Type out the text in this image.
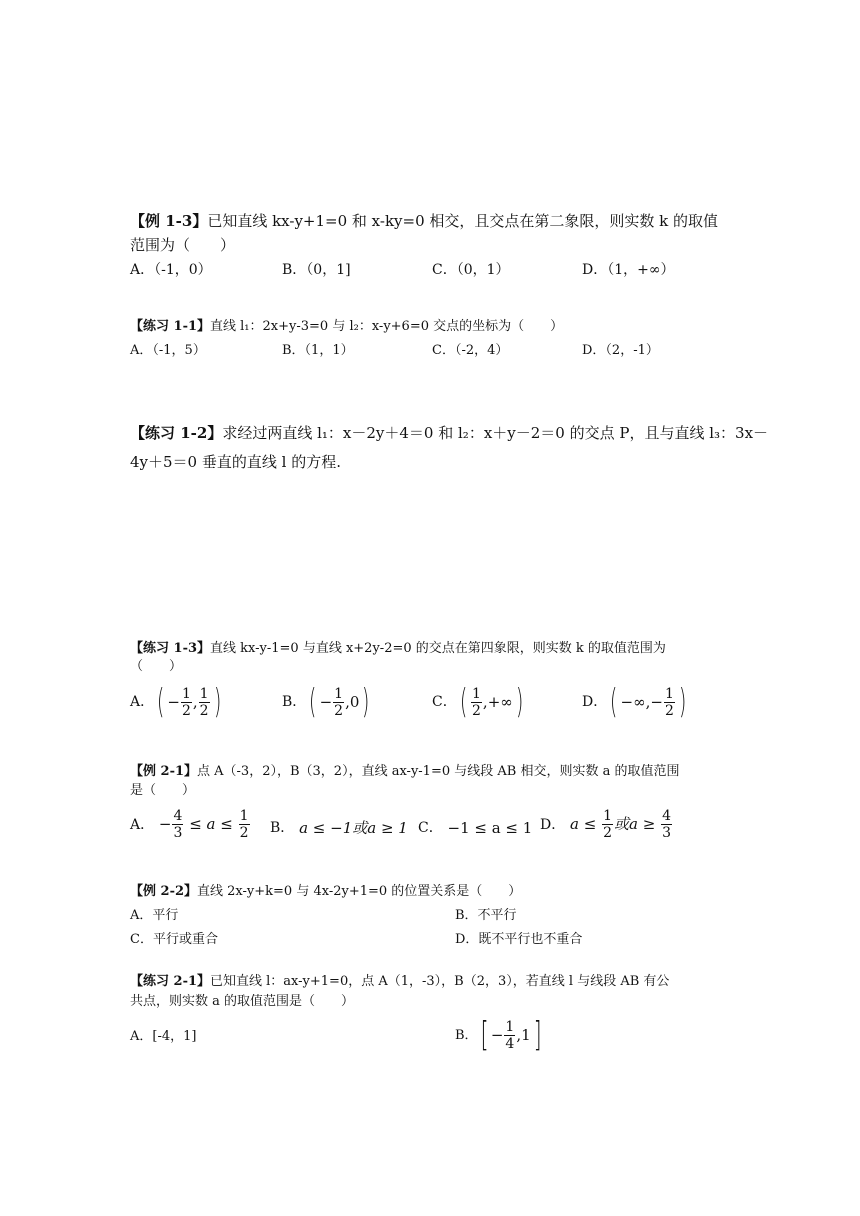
【例 1-3】已知直线 kx-y+1=0 和 x-ky=0 相交，且交点在第二象限，则实数 k 的取值
范围为（　　）
A．（-1，0）	B．（0，1]	C．（0，1）	D．（1，+∞）
【练习 1-1】直线 l₁：2x+y-3=0 与 l₂：x-y+6=0 交点的坐标为（　　）
A．（-1，5）	B．（1，1）	C．（-2，4）	D．（2，-1）
【练习 1-2】求经过两直线 l₁：x－2y＋4＝0 和 l₂：x＋y－2＝0 的交点 P，且与直线 l₃：3x－
4y＋5＝0 垂直的直线 l 的方程.
【练习 1-3】直线 kx-y-1=0 与直线 x+2y-2=0 的交点在第四象限，则实数 k 的取值范围为
（　　）
A． ( − $\frac{1}{2}$ , $\frac{1}{2}$ )	B． ( − $\frac{1}{2}$ , 0 )	C． ( $\frac{1}{2}$ , +∞ )	D． ( −∞ , − $\frac{1}{2}$ )
【例 2-1】点 A（-3，2），B（3，2），直线 ax-y-1=0 与线段 AB 相交，则实数 a 的取值范围
是（　　）
A．
− $\frac{4}{3}$
≤ a ≤
$\frac{1}{2}$ B．
a ≤ −1或a ≥ 1 C．
−1 ≤ a ≤ 1 D．
a ≤
$\frac{1}{2}$ 或a ≥
$\frac{4}{3}$
【例 2-2】直线 2x-y+k=0 与 4x-2y+1=0 的位置关系是（　　）
A．平行	B．不平行
C．平行或重合	D．既不平行也不重合
【练习 2-1】已知直线 l：ax-y+1=0，点 A（1，-3），B（2，3），若直线 l 与线段 AB 有公
共点，则实数 a 的取值范围是（　　）
A．[-4，1]	B． [ − $\frac{1}{4} ,1$ ]
